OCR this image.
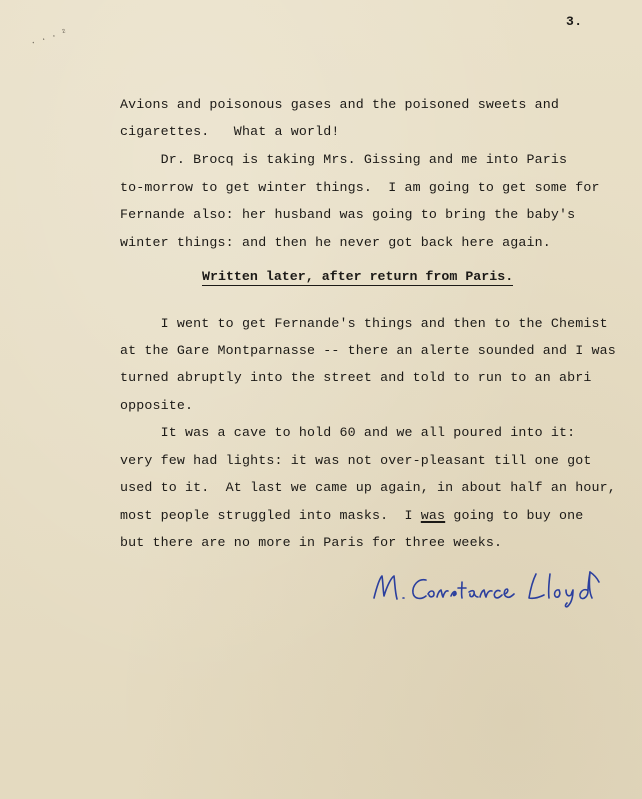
· · · ²
3.
Avions and poisonous gases and the poisoned sweets and
cigarettes.   What a world!
Dr. Brocq is taking Mrs. Gissing and me into Paris
to-morrow to get winter things.  I am going to get some for
Fernande also: her husband was going to bring the baby's
winter things: and then he never got back here again.
Written later, after return from Paris.
I went to get Fernande's things and then to the Chemist
at the Gare Montparnasse -- there an alerte sounded and I was
turned abruptly into the street and told to run to an abri
opposite.
It was a cave to hold 60 and we all poured into it:
very few had lights: it was not over-pleasant till one got
used to it.  At last we came up again, in about half an hour,
most people struggled into masks.  I was going to buy one
but there are no more in Paris for three weeks.
